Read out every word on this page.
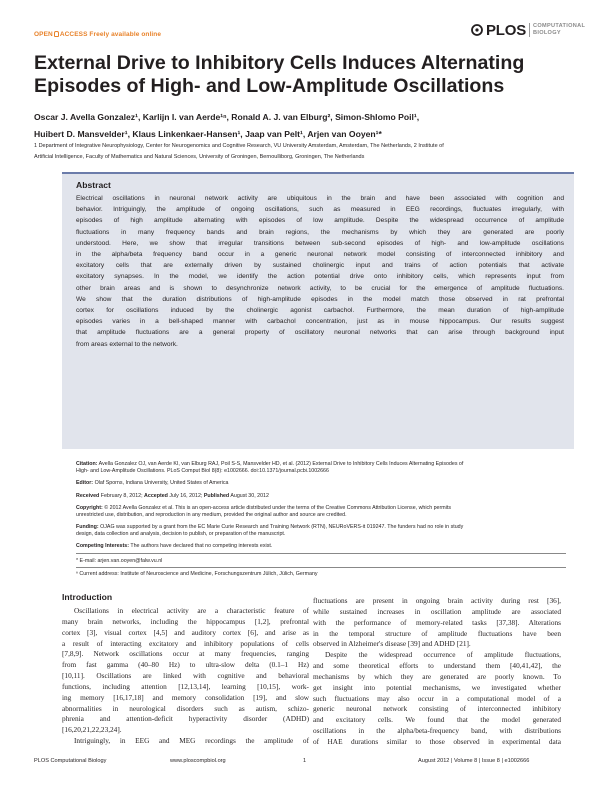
OPEN ACCESS Freely available online	PLOS COMPUTATIONAL
BIOLOGY
External Drive to Inhibitory Cells Induces Alternating
Episodes of High- and Low-Amplitude Oscillations
Oscar J. Avella Gonzalez¹, Karlijn I. van Aerde¹ⁿ, Ronald A. J. van Elburg², Simon-Shlomo Poil¹,
Huibert D. Mansvelder¹, Klaus Linkenkaer-Hansen¹, Jaap van Pelt¹, Arjen van Ooyen¹*
1 Department of Integrative Neurophysiology, Center for Neurogenomics and Cognitive Research, VU University Amsterdam, Amsterdam, The Netherlands, 2 Institute of
Artificial Intelligence, Faculty of Mathematics and Natural Sciences, University of Groningen, Bernoulliborg, Groningen, The Netherlands
Abstract
Electrical oscillations in neuronal network activity are ubiquitous in the brain and have been associated with cognition and
behavior. Intriguingly, the amplitude of ongoing oscillations, such as measured in EEG recordings, fluctuates irregularly, with
episodes of high amplitude alternating with episodes of low amplitude. Despite the widespread occurrence of amplitude
fluctuations in many frequency bands and brain regions, the mechanisms by which they are generated are poorly
understood. Here, we show that irregular transitions between sub-second episodes of high- and low-amplitude oscillations
in the alpha/beta frequency band occur in a generic neuronal network model consisting of interconnected inhibitory and
excitatory cells that are externally driven by sustained cholinergic input and trains of action potentials that activate
excitatory synapses. In the model, we identify the action potential drive onto inhibitory cells, which represents input from
other brain areas and is shown to desynchronize network activity, to be crucial for the emergence of amplitude fluctuations.
We show that the duration distributions of high-amplitude episodes in the model match those observed in rat prefrontal
cortex for oscillations induced by the cholinergic agonist carbachol. Furthermore, the mean duration of high-amplitude
episodes varies in a bell-shaped manner with carbachol concentration, just as in mouse hippocampus. Our results suggest
that amplitude fluctuations are a general property of oscillatory neuronal networks that can arise through background input
from areas external to the network.
Citation: Avella Gonzalez OJ, van Aerde KI, van Elburg RAJ, Poil S-S, Mansvelder HD, et al. (2012) External Drive to Inhibitory Cells Induces Alternating Episodes of
High- and Low-Amplitude Oscillations. PLoS Comput Biol 8(8): e1002666. doi:10.1371/journal.pcbi.1002666
Editor: Olaf Sporns, Indiana University, United States of America
Received February 8, 2012; Accepted July 16, 2012; Published August 30, 2012
Copyright: © 2012 Avella Gonzalez et al. This is an open-access article distributed under the terms of the Creative Commons Attribution License, which permits
unrestricted use, distribution, and reproduction in any medium, provided the original author and source are credited.
Funding: OJAG was supported by a grant from the EC Marie Curie Research and Training Network (RTN), NEURoVERS-it 019247. The funders had no role in study
design, data collection and analysis, decision to publish, or preparation of the manuscript.
Competing Interests: The authors have declared that no competing interests exist.
* E-mail: arjen.van.ooyen@falw.vu.nl
ⁿ Current address: Institute of Neuroscience and Medicine, Forschungszentrum Jülich, Jülich, Germany
Introduction
Oscillations in electrical activity are a characteristic feature of
many brain networks, including the hippocampus [1,2], prefrontal
cortex [3], visual cortex [4,5] and auditory cortex [6], and arise as
a result of interacting excitatory and inhibitory populations of cells
[7,8,9]. Network oscillations occur at many frequencies, ranging
from fast gamma (40–80 Hz) to ultra-slow delta (0.1–1 Hz)
[10,11]. Oscillations are linked with cognitive and behavioral
functions, including attention [12,13,14], learning [10,15], work-
ing memory [16,17,18] and memory consolidation [19], and slow
abnormalities in neurological disorders such as autism, schizo-
phrenia and attention-deficit hyperactivity disorder (ADHD)
[16,20,21,22,23,24].
Intriguingly, in EEG and MEG recordings the amplitude of
fluctuations are present in ongoing brain activity during rest [36],
while sustained increases in oscillation amplitude are associated
with the performance of memory-related tasks [37,38]. Alterations
in the temporal structure of amplitude fluctuations have been
observed in Alzheimer's disease [39] and ADHD [21].
Despite the widespread occurrence of amplitude fluctuations,
and some theoretical efforts to understand them [40,41,42], the
mechanisms by which they are generated are poorly known. To
get insight into potential mechanisms, we investigated whether
such fluctuations may also occur in a computational model of a
generic neuronal network consisting of interconnected inhibitory
and excitatory cells. We found that the model generated
oscillations in the alpha/beta-frequency band, with distributions
of HAE durations similar to those observed in experimental data
PLOS Computational Biology	www.ploscompbiol.org	1	August 2012 | Volume 8 | Issue 8 | e1002666
